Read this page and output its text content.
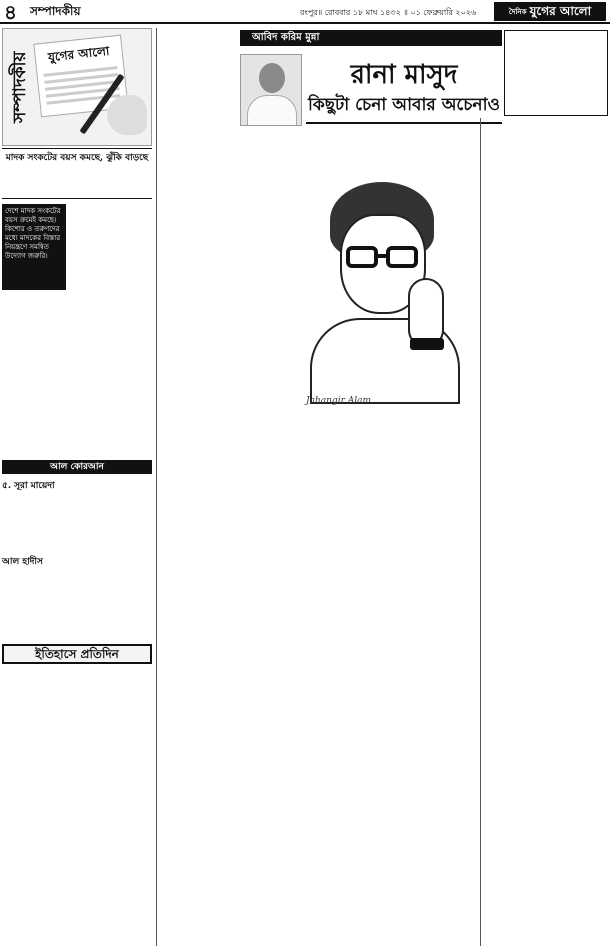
৪ সম্পাদকীয়	রংপুর॥ রোববার ১৮ মাঘ ১৪৩২ ॥ ০১ ফেব্রুয়ারি ২০২৬	$^{দৈনিক}$ যুগের আলো
সম্পাদকীয়	যুগের আলো
মাদক সংকটের বয়স কমছে, ঝুঁকি বাড়ছে
দেশে মাদক সংকটের বয়স ক্রমেই কমছে। কিশোর ও তরুণদের মধ্যে মাদকের বিস্তার নিয়ন্ত্রণে সমন্বিত উদ্যোগ জরুরি।
আল কোরআন
৫. সূরা মায়েদা
আল হাদীস
ইতিহাসে প্রতিদিন
আবিদ করিম মুন্না
রানা মাসুদ
কিছুটা চেনা আবার অচেনাও
Jahangir Alam
